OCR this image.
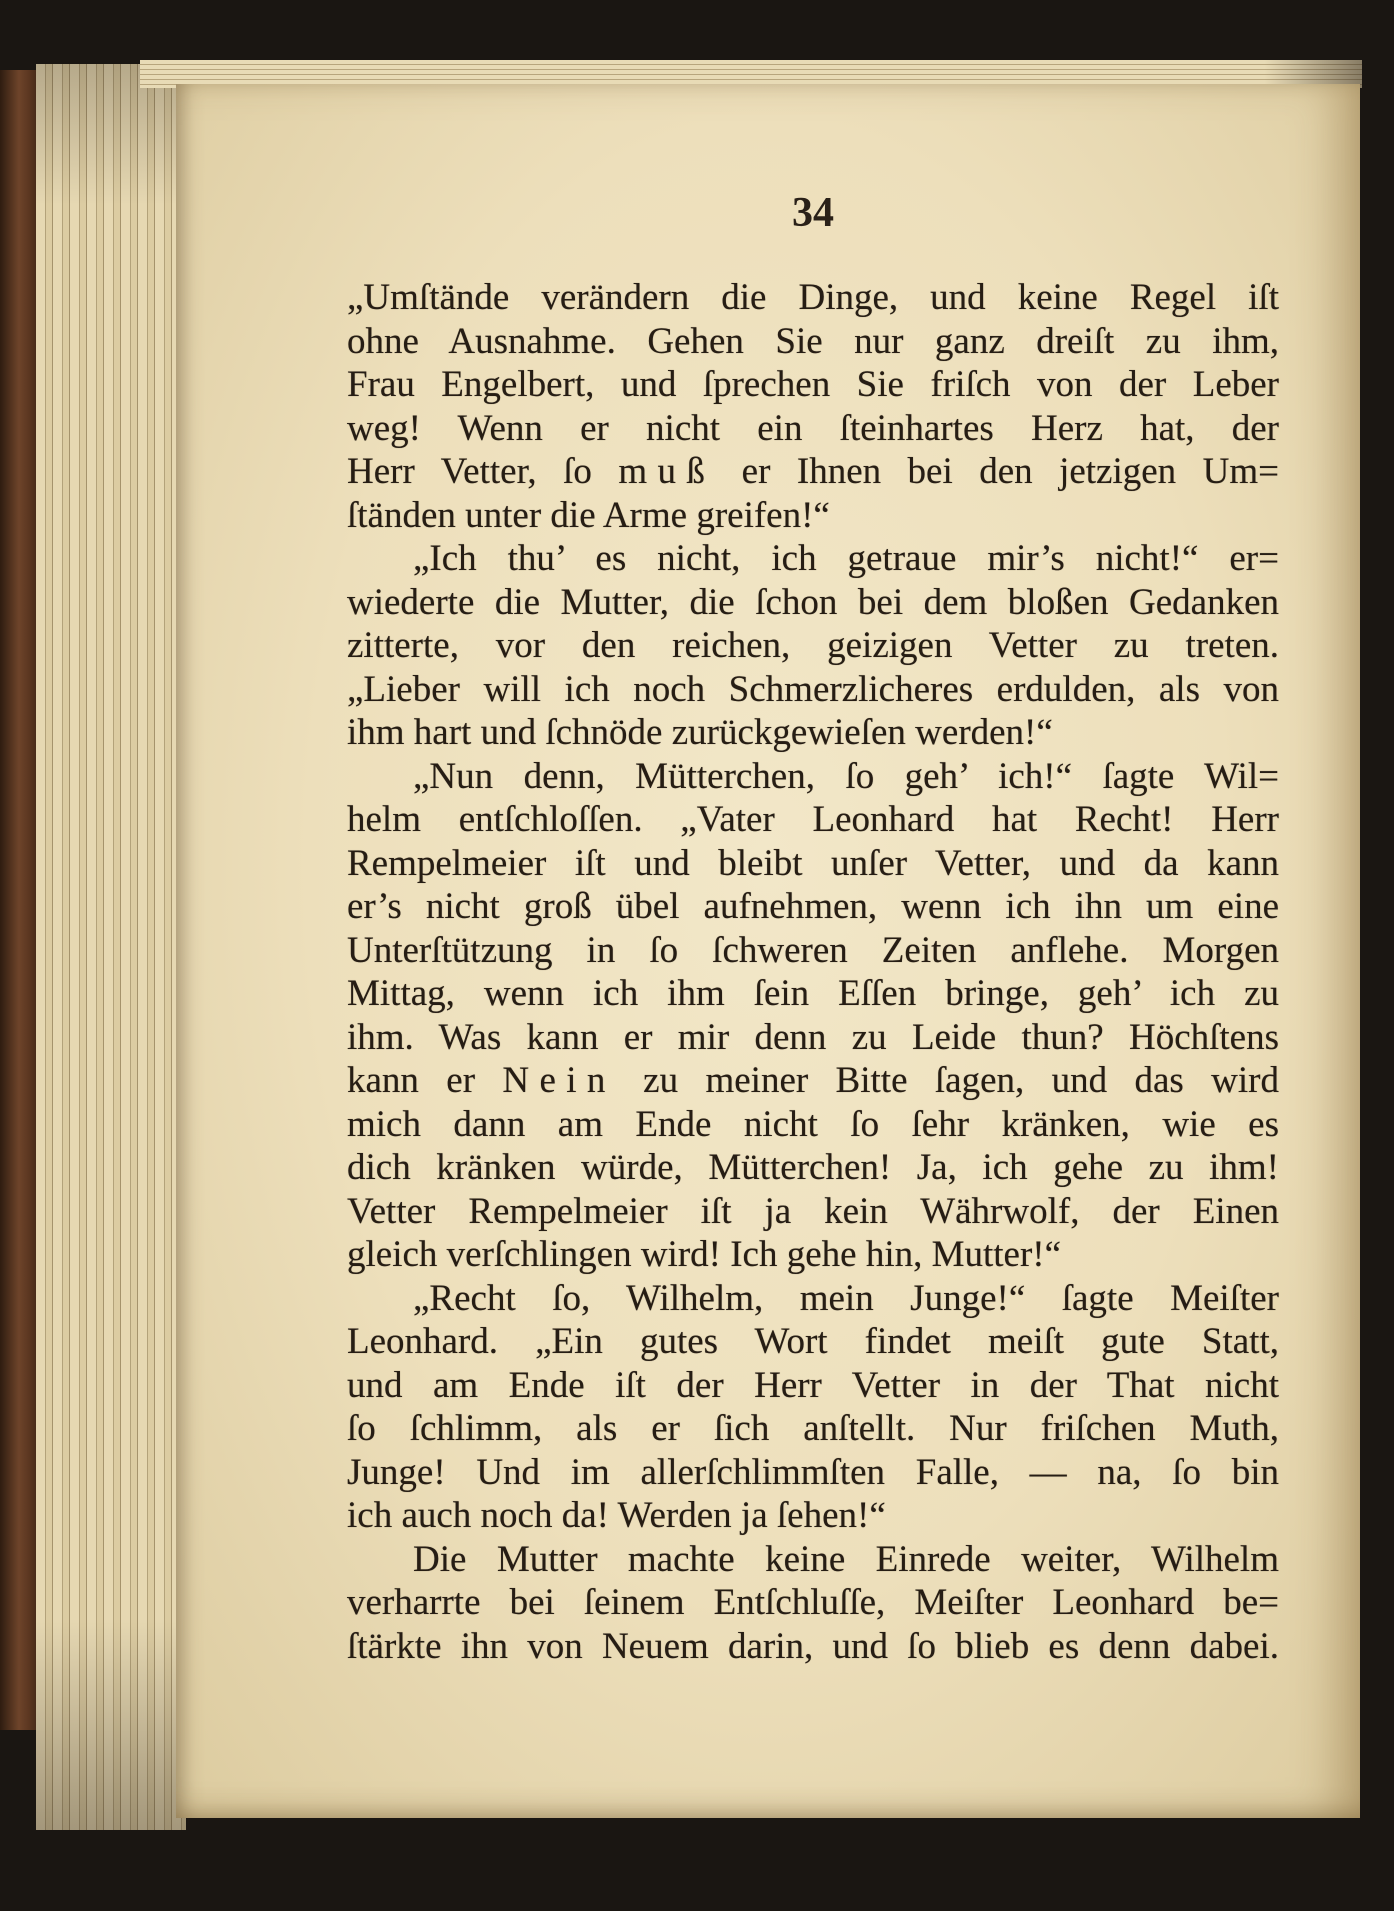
34
„Umſtände verändern die Dinge, und keine Regel iſt
ohne Ausnahme. Gehen Sie nur ganz dreiſt zu ihm,
Frau Engelbert, und ſprechen Sie friſch von der Leber
weg! Wenn er nicht ein ſteinhartes Herz hat, der
Herr Vetter, ſo muß er Ihnen bei den jetzigen Um=
ſtänden unter die Arme greifen!“
„Ich thu’ es nicht, ich getraue mir’s nicht!“ er=
wiederte die Mutter, die ſchon bei dem bloßen Gedanken
zitterte, vor den reichen, geizigen Vetter zu treten.
„Lieber will ich noch Schmerzlicheres erdulden, als von
ihm hart und ſchnöde zurückgewieſen werden!“
„Nun denn, Mütterchen, ſo geh’ ich!“ ſagte Wil=
helm entſchloſſen. „Vater Leonhard hat Recht! Herr
Rempelmeier iſt und bleibt unſer Vetter, und da kann
er’s nicht groß übel aufnehmen, wenn ich ihn um eine
Unterſtützung in ſo ſchweren Zeiten anflehe. Morgen
Mittag, wenn ich ihm ſein Eſſen bringe, geh’ ich zu
ihm. Was kann er mir denn zu Leide thun? Höchſtens
kann er Nein zu meiner Bitte ſagen, und das wird
mich dann am Ende nicht ſo ſehr kränken, wie es
dich kränken würde, Mütterchen! Ja, ich gehe zu ihm!
Vetter Rempelmeier iſt ja kein Währwolf, der Einen
gleich verſchlingen wird! Ich gehe hin, Mutter!“
„Recht ſo, Wilhelm, mein Junge!“ ſagte Meiſter
Leonhard. „Ein gutes Wort findet meiſt gute Statt,
und am Ende iſt der Herr Vetter in der That nicht
ſo ſchlimm, als er ſich anſtellt. Nur friſchen Muth,
Junge! Und im allerſchlimmſten Falle, — na, ſo bin
ich auch noch da! Werden ja ſehen!“
Die Mutter machte keine Einrede weiter, Wilhelm
verharrte bei ſeinem Entſchluſſe, Meiſter Leonhard be=
ſtärkte ihn von Neuem darin, und ſo blieb es denn dabei.
